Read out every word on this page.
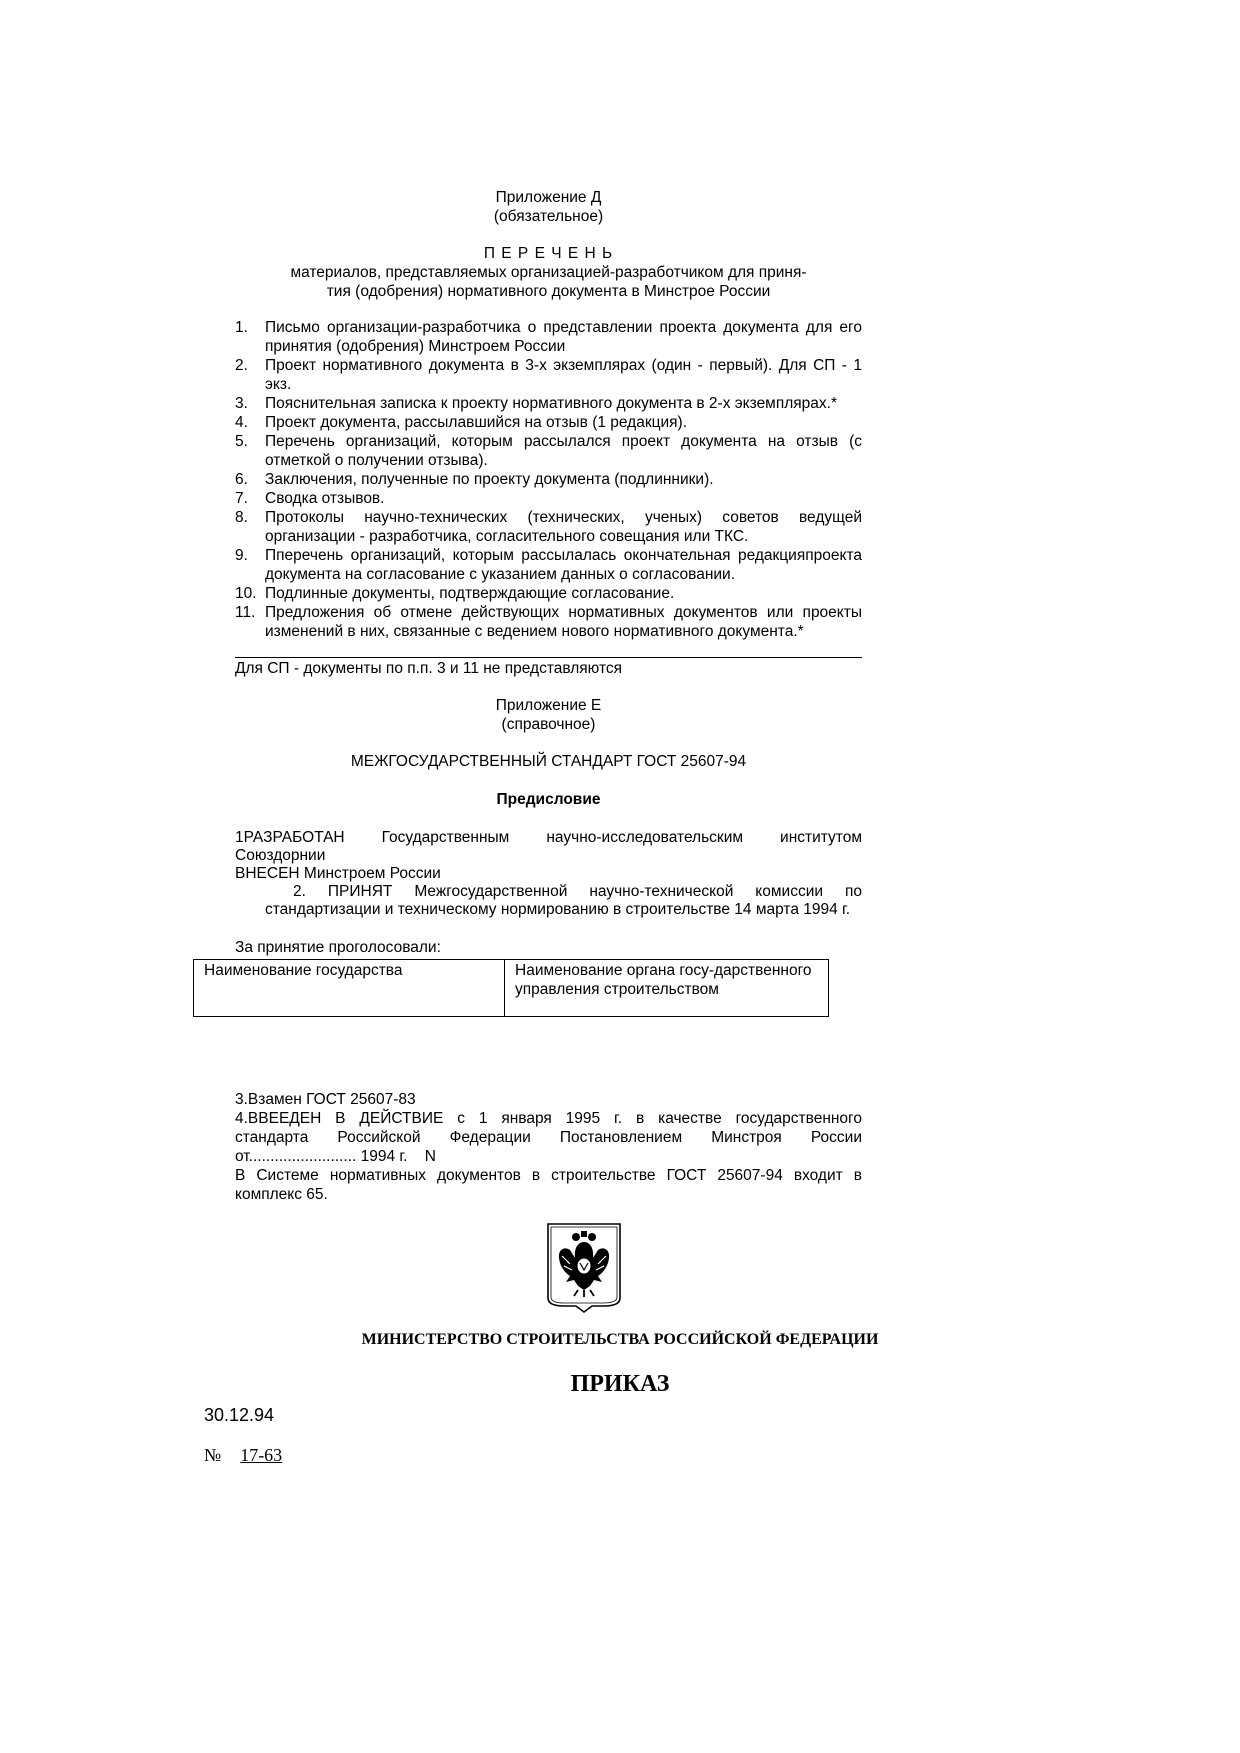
Приложение Д
(обязательное)
П Е Р Е Ч Е Н Ь
материалов, представляемых организацией-разработчиком для приня-
тия (одобрения) нормативного документа в Минстрое России
1. Письмо организации-разработчика о представлении проекта документа для его принятия (одобрения) Минстроем России
2. Проект нормативного документа в 3-х экземплярах (один - первый). Для СП - 1 экз.
3. Пояснительная записка к проекту нормативного документа в 2-х экземплярах.*
4. Проект документа, рассылавшийся на отзыв (1 редакция).
5. Перечень организаций, которым рассылался проект документа на отзыв (с отметкой о получении отзыва).
6. Заключения, полученные по проекту документа (подлинники).
7. Сводка отзывов.
8. Протоколы научно-технических (технических, ученых) советов ведущей организации - разработчика, согласительного совещания или ТКС.
9. Пперечень организаций, которым рассылалась окончательная редакцияпроекта документа на согласование с указанием данных о согласовании.
10. Подлинные документы, подтверждающие согласование.
11. Предложения об отмене действующих нормативных документов или проекты изменений в них, связанные с ведением нового нормативного документа.*
Для СП - документы по п.п. 3 и 11 не представляются
Приложение Е
(справочное)
МЕЖГОСУДАРСТВЕННЫЙ СТАНДАРТ ГОСТ 25607-94
Предисловие
1РАЗРАБОТАН Государственным научно-исследовательским институтом
Союздорнии
ВНЕСЕН Минстроем России
2. ПРИНЯТ Межгосударственной научно-технической комиссии по
стандартизации и техническому нормированию в строительстве 14 марта 1994 г.
За принятие проголосовали:
Наименование государства	Наименование органа госу-дарственного управления строительством
3.Взамен ГОСТ 25607-83
4.ВВЕЕДЕН В ДЕЙСТВИЕ с 1 января 1995 г. в качестве государственного
стандарта Российской Федерации Постановлением Минстроя России
от......................... 1994 г.    N
В Системе нормативных документов в строительстве ГОСТ 25607-94 входит в комплекс 65.
МИНИСТЕРСТВО СТРОИТЕЛЬСТВА РОССИЙСКОЙ ФЕДЕРАЦИИ
ПРИКАЗ
30.12.94
№ 17-63
